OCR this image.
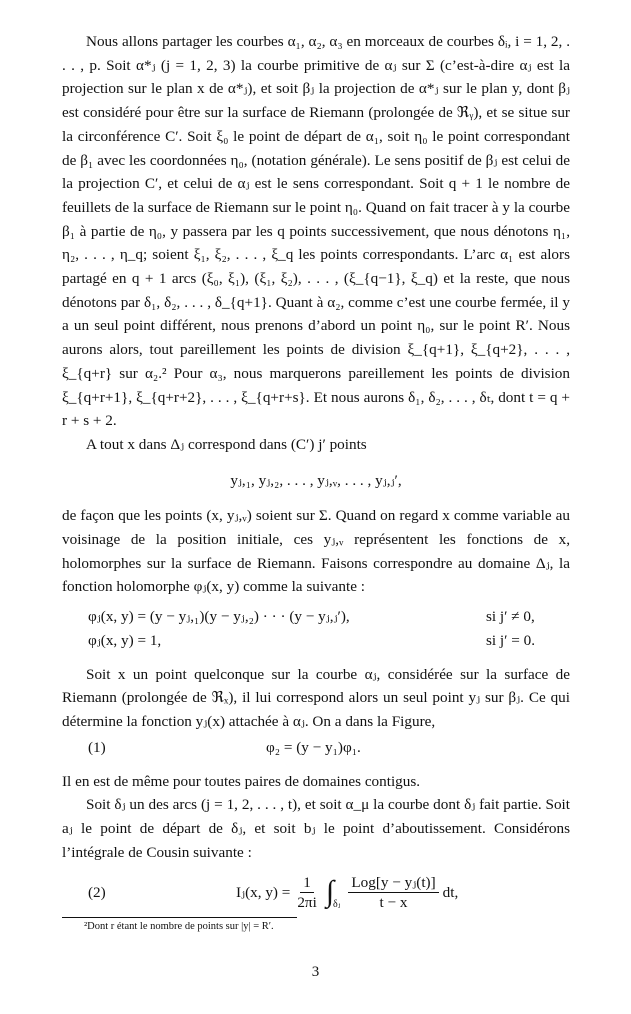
Nous allons partager les courbes α₁, α₂, α₃ en morceaux de courbes δᵢ, i = 1, 2, . . . , p. Soit α*ⱼ (j = 1, 2, 3) la courbe primitive de αⱼ sur Σ (c’est-à-dire αⱼ est la projection sur le plan x de α*ⱼ), et soit βⱼ la projection de α*ⱼ sur le plan y, dont βⱼ est considéré pour être sur la surface de Riemann (prolongée de ℜᵧ), et se situe sur la circonférence C′. Soit ξ₀ le point de départ de α₁, soit η₀ le point correspondant de β₁ avec les coordonnées η₀, (notation générale). Le sens positif de βⱼ est celui de la projection C′, et celui de αⱼ est le sens correspondant. Soit q + 1 le nombre de feuillets de la surface de Riemann sur le point η₀. Quand on fait tracer à y la courbe β₁ à partie de η₀, y passera par les q points successivement, que nous dénotons η₁, η₂, . . . , η_q; soient ξ₁, ξ₂, . . . , ξ_q les points correspondants. L’arc α₁ est alors partagé en q + 1 arcs (ξ₀, ξ₁), (ξ₁, ξ₂), . . . , (ξ_{q−1}, ξ_q) et la reste, que nous dénotons par δ₁, δ₂, . . . , δ_{q+1}. Quant à α₂, comme c’est une courbe fermée, il y a un seul point différent, nous prenons d’abord un point η₀, sur le point R′. Nous aurons alors, tout pareillement les points de division ξ_{q+1}, ξ_{q+2}, . . . , ξ_{q+r} sur α₂.² Pour α₃, nous marquerons pareillement les points de division ξ_{q+r+1}, ξ_{q+r+2}, . . . , ξ_{q+r+s}. Et nous aurons δ₁, δ₂, . . . , δₜ, dont t = q + r + s + 2.

A tout x dans Δⱼ correspond dans (C′) j′ points

yⱼ,₁, yⱼ,₂, . . . , yⱼ,ᵥ, . . . , yⱼ,ⱼ′,

de façon que les points (x, yⱼ,ᵥ) soient sur Σ. Quand on regard x comme variable au voisinage de la position initiale, ces yⱼ,ᵥ représentent les fonctions de x, holomorphes sur la surface de Riemann. Faisons correspondre au domaine Δⱼ, la fonction holomorphe φⱼ(x, y) comme la suivante :

φⱼ(x, y) = (y − yⱼ,₁)(y − yⱼ,₂) · · · (y − yⱼ,ⱼ′),	si j′ ≠ 0,
φⱼ(x, y) = 1,	si j′ = 0.

Soit x un point quelconque sur la courbe αⱼ, considérée sur la surface de Riemann (prolongée de ℜₓ), il lui correspond alors un seul point yⱼ sur βⱼ. Ce qui détermine la fonction yⱼ(x) attachée à αⱼ. On a dans la Figure,

(1)	φ₂ = (y − y₁)φ₁.

Il en est de même pour toutes paires de domaines contigus.

Soit δⱼ un des arcs (j = 1, 2, . . . , t), et soit α_μ la courbe dont δⱼ fait partie. Soit aⱼ le point de départ de δⱼ, et soit bⱼ le point d’aboutissement. Considérons l’intégrale de Cousin suivante :

(2)	Iⱼ(x, $y) = \frac{1}{2\pi i}$ ∫ δⱼ $\frac{\text{Log[y − yⱼ(t)]}}{t - x}$ dt,
²Dont r étant le nombre de points sur |y| = R′.
3
